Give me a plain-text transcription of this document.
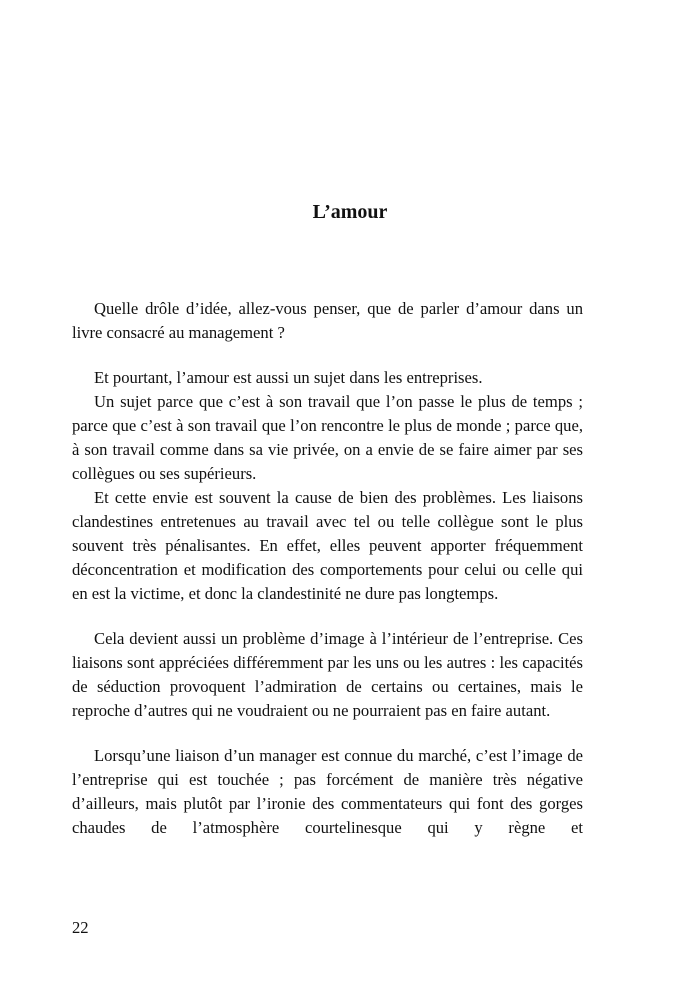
L’amour

Quelle drôle d’idée, allez-vous penser, que de parler d’amour dans un livre consacré au management ?

Et pourtant, l’amour est aussi un sujet dans les entreprises.

Un sujet parce que c’est à son travail que l’on passe le plus de temps ; parce que c’est à son travail que l’on rencontre le plus de monde ; parce que, à son travail comme dans sa vie privée, on a envie de se faire aimer par ses collègues ou ses supérieurs.

Et cette envie est souvent la cause de bien des problèmes. Les liaisons clandestines entretenues au travail avec tel ou telle collègue sont le plus souvent très pénalisantes. En effet, elles peuvent apporter fréquemment déconcentration et modification des comportements pour celui ou celle qui en est la victime, et donc la clandestinité ne dure pas longtemps.

Cela devient aussi un problème d’image à l’intérieur de l’entreprise. Ces liaisons sont appréciées différemment par les uns ou les autres : les capacités de séduction provoquent l’admiration de certains ou certaines, mais le reproche d’autres qui ne voudraient ou ne pourraient pas en faire autant.

Lorsqu’une liaison d’un manager est connue du marché, c’est l’image de l’entreprise qui est touchée ; pas forcément de manière très négative d’ailleurs, mais plutôt par l’ironie des commentateurs qui font des gorges chaudes de l’atmosphère courtelinesque qui y règne et

22
